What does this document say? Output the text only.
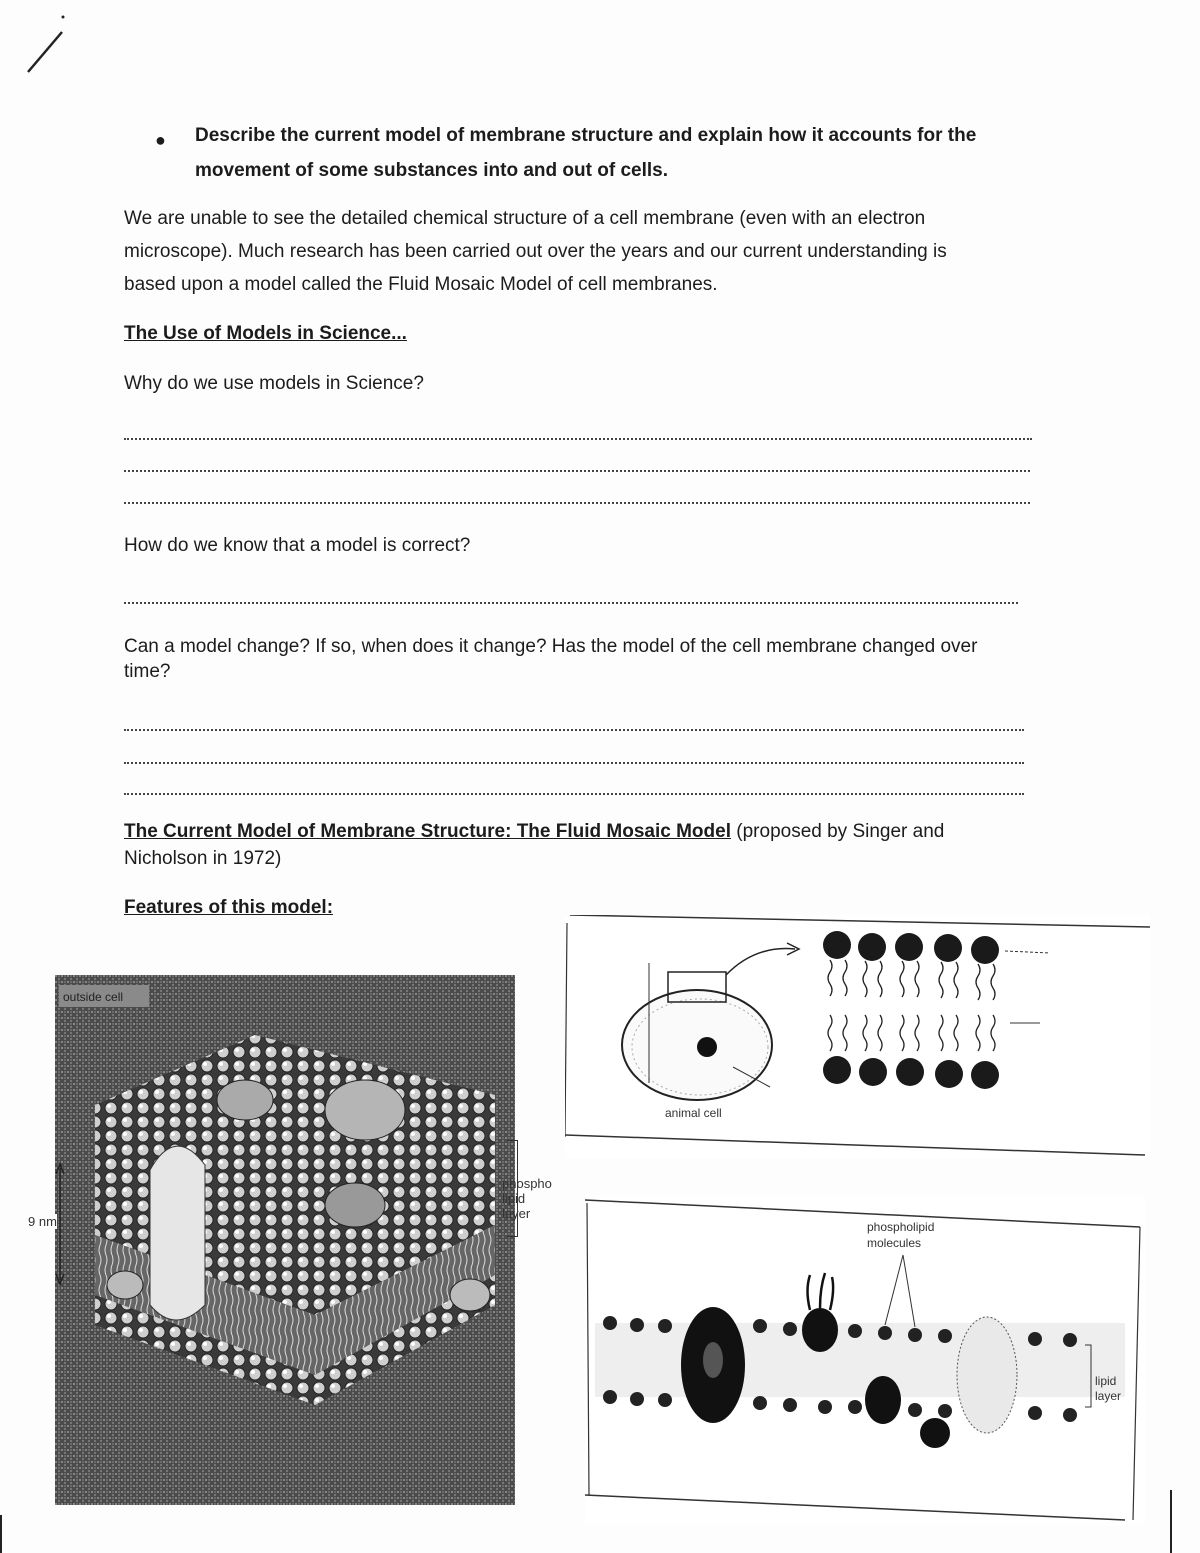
● Describe the current model of membrane structure and explain how it accounts for the
movement of some substances into and out of cells.
We are unable to see the detailed chemical structure of a cell membrane (even with an electron
microscope). Much research has been carried out over the years and our current understanding is
based upon a model called the Fluid Mosaic Model of cell membranes.
The Use of Models in Science...
Why do we use models in Science?
How do we know that a model is correct?
Can a model change? If so, when does it change? Has the model of the cell membrane changed over
time?
The Current Model of Membrane Structure: The Fluid Mosaic Model (proposed by Singer and
Nicholson in 1972)
Features of this model:
outside cell
9 nm
phospho
lipid
layer
animal cell
phospholipid
molecules
lipid
layer
